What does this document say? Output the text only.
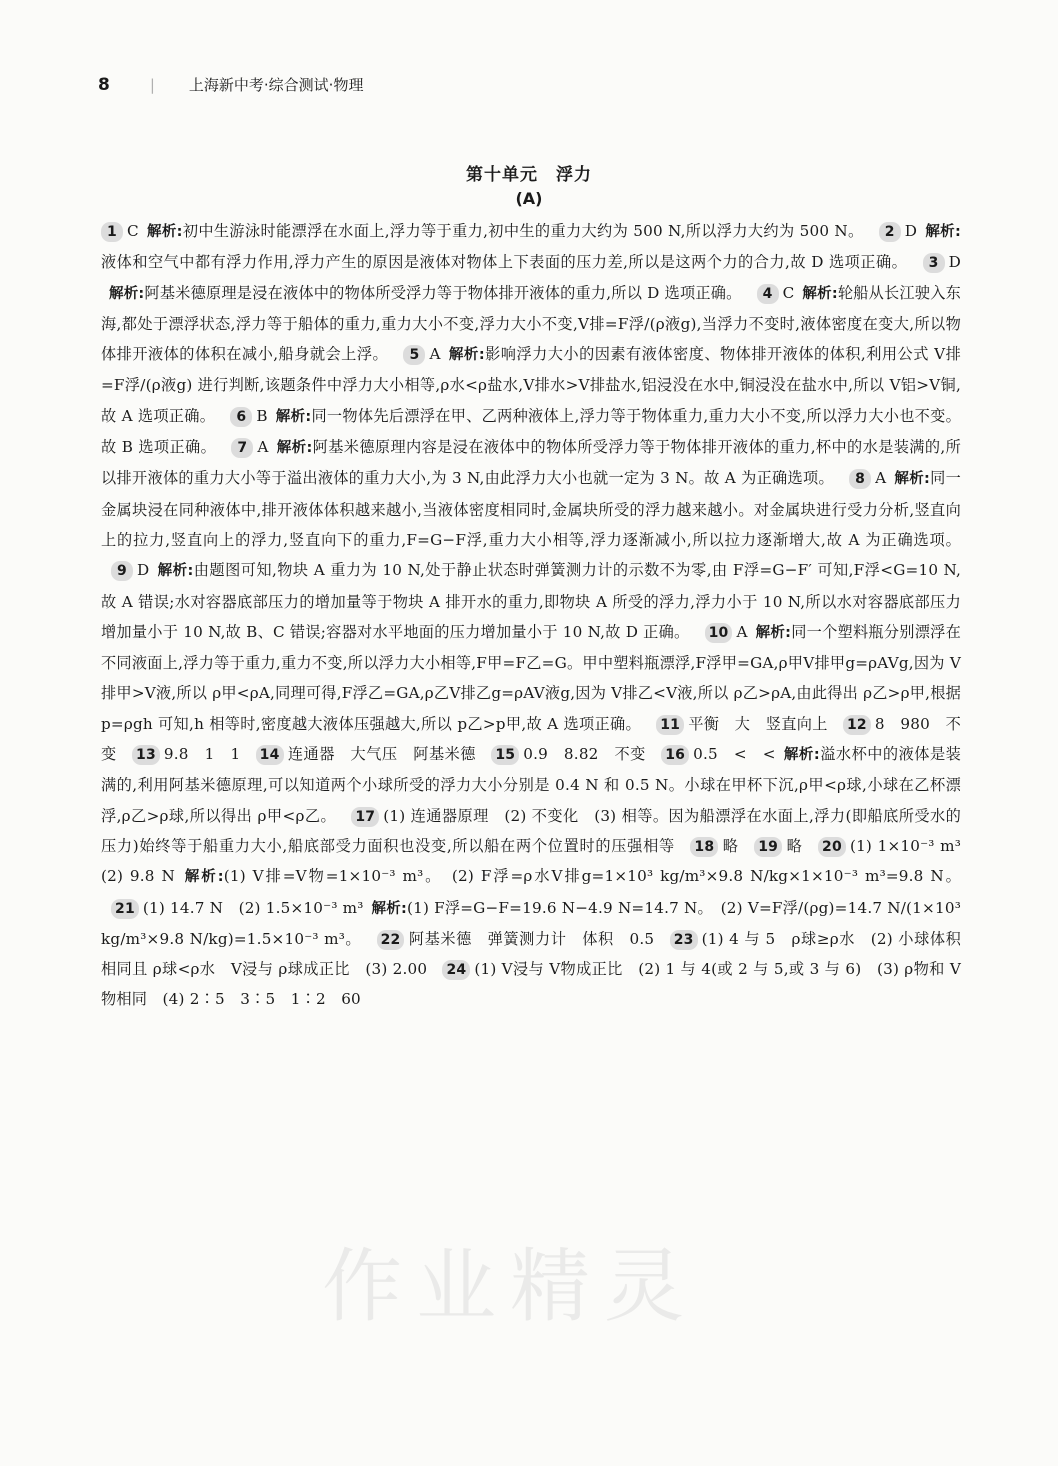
8	| 上海新中考·综合测试·物理
第十单元　浮力
(A)
1 C 解析:初中生游泳时能漂浮在水面上,浮力等于重力,初中生的重力大约为 500 N,所以浮力大约为 500 N。 2 D 解析:液体和空气中都有浮力作用,浮力产生的原因是液体对物体上下表面的压力差,所以是这两个力的合力,故 D 选项正确。 3 D解析:阿基米德原理是浸在液体中的物体所受浮力等于物体排开液体的重力,所以 D 选项正确。 4 C 解析:轮船从长江驶入东海,都处于漂浮状态,浮力等于船体的重力,重力大小不变,浮力大小不变,V排=F浮/(ρ液g),当浮力不变时,液体密度在变大,所以物体排开液体的体积在减小,船身就会上浮。 5 A 解析:影响浮力大小的因素有液体密度、物体排开液体的体积,利用公式 V排=F浮/(ρ液g) 进行判断,该题条件中浮力大小相等,ρ水<ρ盐水,V排水>V排盐水,铝浸没在水中,铜浸没在盐水中,所以 V铝>V铜,故 A 选项正确。 6 B 解析:同一物体先后漂浮在甲、乙两种液体上,浮力等于物体重力,重力大小不变,所以浮力大小也不变。故 B 选项正确。 7 A 解析:阿基米德原理内容是浸在液体中的物体所受浮力等于物体排开液体的重力,杯中的水是装满的,所以排开液体的重力大小等于溢出液体的重力大小,为 3 N,由此浮力大小也就一定为 3 N。故 A 为正确选项。 8 A 解析:同一金属块浸在同种液体中,排开液体体积越来越小,当液体密度相同时,金属块所受的浮力越来越小。对金属块进行受力分析,竖直向上的拉力,竖直向上的浮力,竖直向下的重力,F=G−F浮,重力大小相等,浮力逐渐减小,所以拉力逐渐增大,故 A 为正确选项。 9 D 解析:由题图可知,物块 A 重力为 10 N,处于静止状态时弹簧测力计的示数不为零,由 F浮=G−F′ 可知,F浮<G=10 N,故 A 错误;水对容器底部压力的增加量等于物块 A 排开水的重力,即物块 A 所受的浮力,浮力小于 10 N,所以水对容器底部压力增加量小于 10 N,故 B、C 错误;容器对水平地面的压力增加量小于 10 N,故 D 正确。 10 A 解析:同一个塑料瓶分别漂浮在不同液面上,浮力等于重力,重力不变,所以浮力大小相等,F甲=F乙=G。甲中塑料瓶漂浮,F浮甲=GA,ρ甲V排甲g=ρAVg,因为 V排甲>V液,所以 ρ甲<ρA,同理可得,F浮乙=GA,ρ乙V排乙g=ρAV液g,因为 V排乙<V液,所以 ρ乙>ρA,由此得出 ρ乙>ρ甲,根据 p=ρgh 可知,h 相等时,密度越大液体压强越大,所以 p乙>p甲,故 A 选项正确。 11 平衡　大　竖直向上 12 8　980　不变 13 9.8　1　1 14 连通器　大气压　阿基米德 15 0.9　8.82　不变 16 0.5　<　< 解析:溢水杯中的液体是装满的,利用阿基米德原理,可以知道两个小球所受的浮力大小分别是 0.4 N 和 0.5 N。小球在甲杯下沉,ρ甲<ρ球,小球在乙杯漂浮,ρ乙>ρ球,所以得出 ρ甲<ρ乙。 17 (1) 连通器原理　(2) 不变化　(3) 相等。因为船漂浮在水面上,浮力(即船底所受水的压力)始终等于船重力大小,船底部受力面积也没变,所以船在两个位置时的压强相等 18 略 19 略 20 (1) 1×10⁻³ m³　(2) 9.8 N 解析:(1) V排=V物=1×10⁻³ m³。　(2) F浮=ρ水V排g=1×10³ kg/m³×9.8 N/kg×1×10⁻³ m³=9.8 N。 21 (1) 14.7 N　(2) 1.5×10⁻³ m³ 解析:(1) F浮=G−F=19.6 N−4.9 N=14.7 N。　(2) V=F浮/(ρg)=14.7 N/(1×10³ kg/m³×9.8 N/kg)=1.5×10⁻³ m³。 22 阿基米德　弹簧测力计　体积　0.5 23 (1) 4 与 5　ρ球≥ρ水　(2) 小球体积相同且 ρ球<ρ水　V浸与 ρ球成正比　(3) 2.00 24 (1) V浸与 V物成正比　(2) 1 与 4(或 2 与 5,或 3 与 6)　(3) ρ物和 V物相同　(4) 2∶5　3∶5　1∶2　60
作业精灵
